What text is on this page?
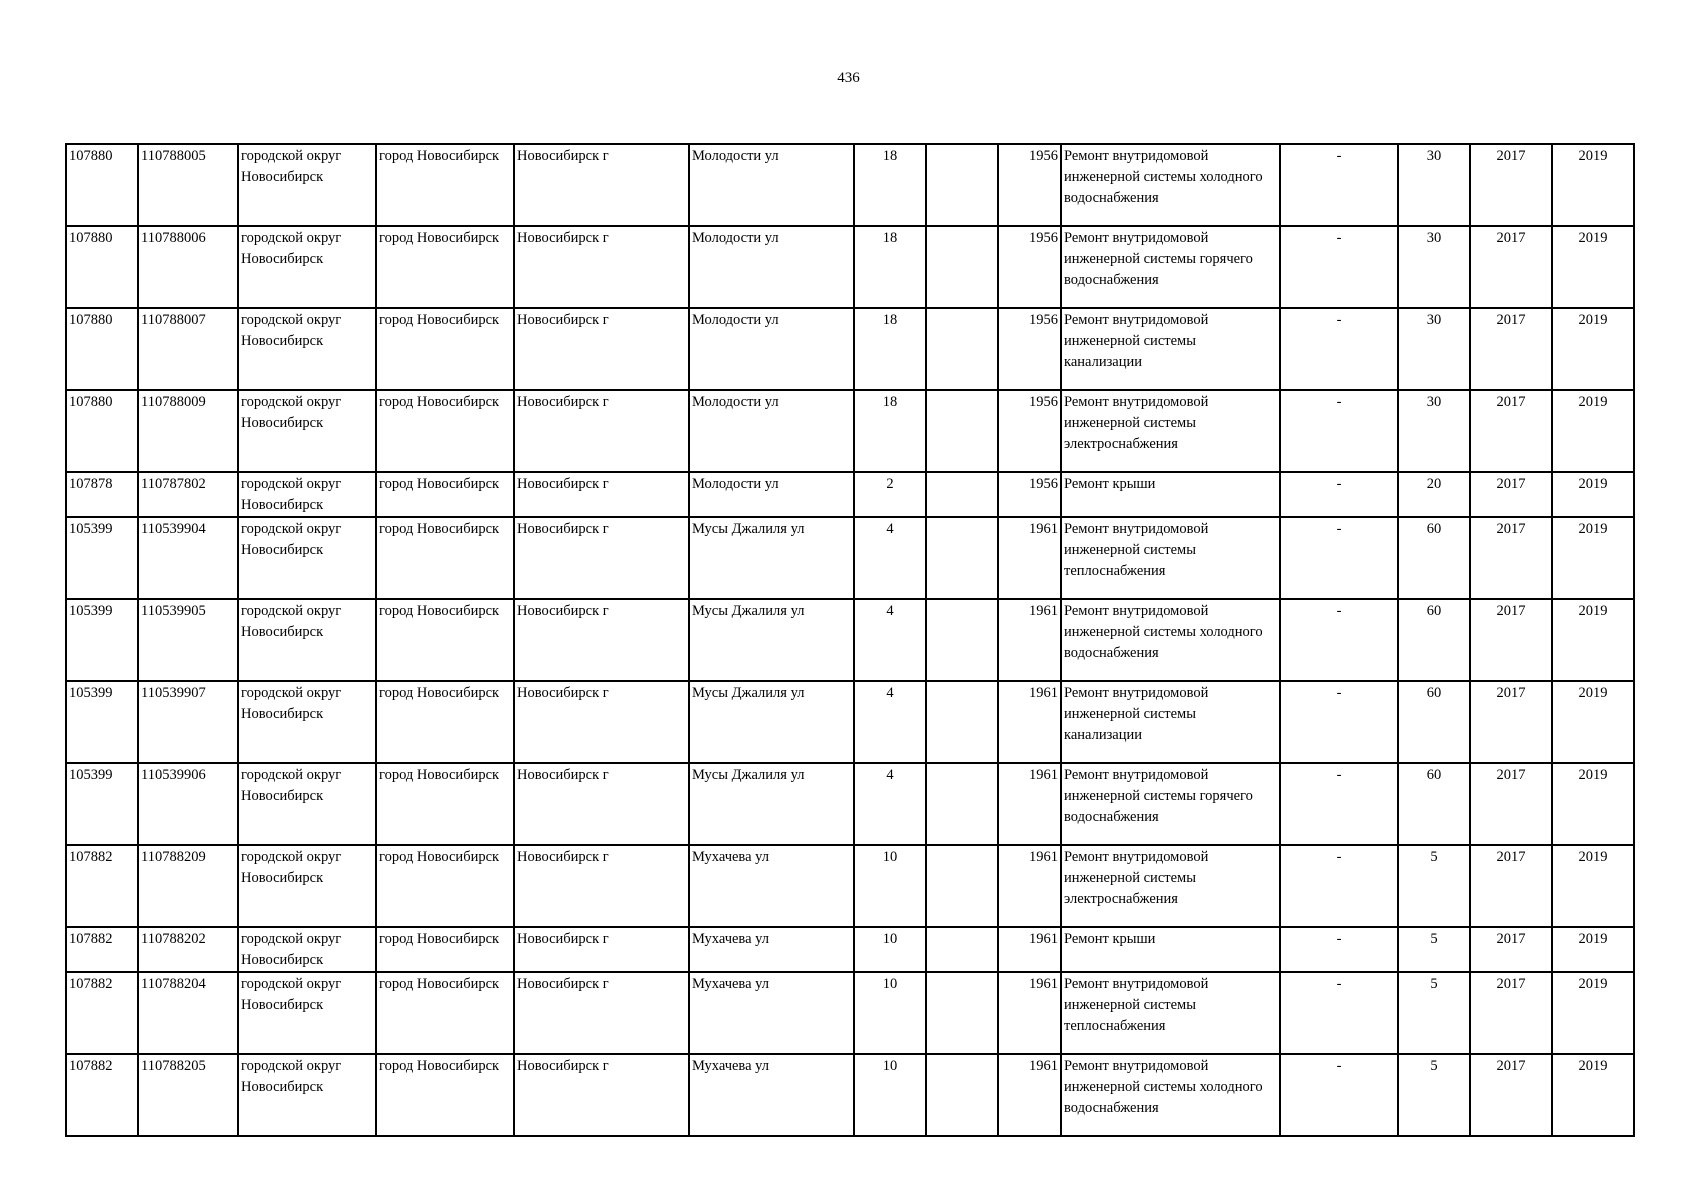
436
107880	110788005	городской округ Новосибирск	город Новосибирск	Новосибирск г	Молодости ул	18		1956	Ремонт внутридомовой инженерной системы холодного водоснабжения	-	30	2017	2019
107880	110788006	городской округ Новосибирск	город Новосибирск	Новосибирск г	Молодости ул	18		1956	Ремонт внутридомовой инженерной системы горячего водоснабжения	-	30	2017	2019
107880	110788007	городской округ Новосибирск	город Новосибирск	Новосибирск г	Молодости ул	18		1956	Ремонт внутридомовой инженерной системы канализации	-	30	2017	2019
107880	110788009	городской округ Новосибирск	город Новосибирск	Новосибирск г	Молодости ул	18		1956	Ремонт внутридомовой инженерной системы электроснабжения	-	30	2017	2019
107878	110787802	городской округ Новосибирск	город Новосибирск	Новосибирск г	Молодости ул	2		1956	Ремонт крыши	-	20	2017	2019
105399	110539904	городской округ Новосибирск	город Новосибирск	Новосибирск г	Мусы Джалиля ул	4		1961	Ремонт внутридомовой инженерной системы теплоснабжения	-	60	2017	2019
105399	110539905	городской округ Новосибирск	город Новосибирск	Новосибирск г	Мусы Джалиля ул	4		1961	Ремонт внутридомовой инженерной системы холодного водоснабжения	-	60	2017	2019
105399	110539907	городской округ Новосибирск	город Новосибирск	Новосибирск г	Мусы Джалиля ул	4		1961	Ремонт внутридомовой инженерной системы канализации	-	60	2017	2019
105399	110539906	городской округ Новосибирск	город Новосибирск	Новосибирск г	Мусы Джалиля ул	4		1961	Ремонт внутридомовой инженерной системы горячего водоснабжения	-	60	2017	2019
107882	110788209	городской округ Новосибирск	город Новосибирск	Новосибирск г	Мухачева ул	10		1961	Ремонт внутридомовой инженерной системы электроснабжения	-	5	2017	2019
107882	110788202	городской округ Новосибирск	город Новосибирск	Новосибирск г	Мухачева ул	10		1961	Ремонт крыши	-	5	2017	2019
107882	110788204	городской округ Новосибирск	город Новосибирск	Новосибирск г	Мухачева ул	10		1961	Ремонт внутридомовой инженерной системы теплоснабжения	-	5	2017	2019
107882	110788205	городской округ Новосибирск	город Новосибирск	Новосибирск г	Мухачева ул	10		1961	Ремонт внутридомовой инженерной системы холодного водоснабжения	-	5	2017	2019
